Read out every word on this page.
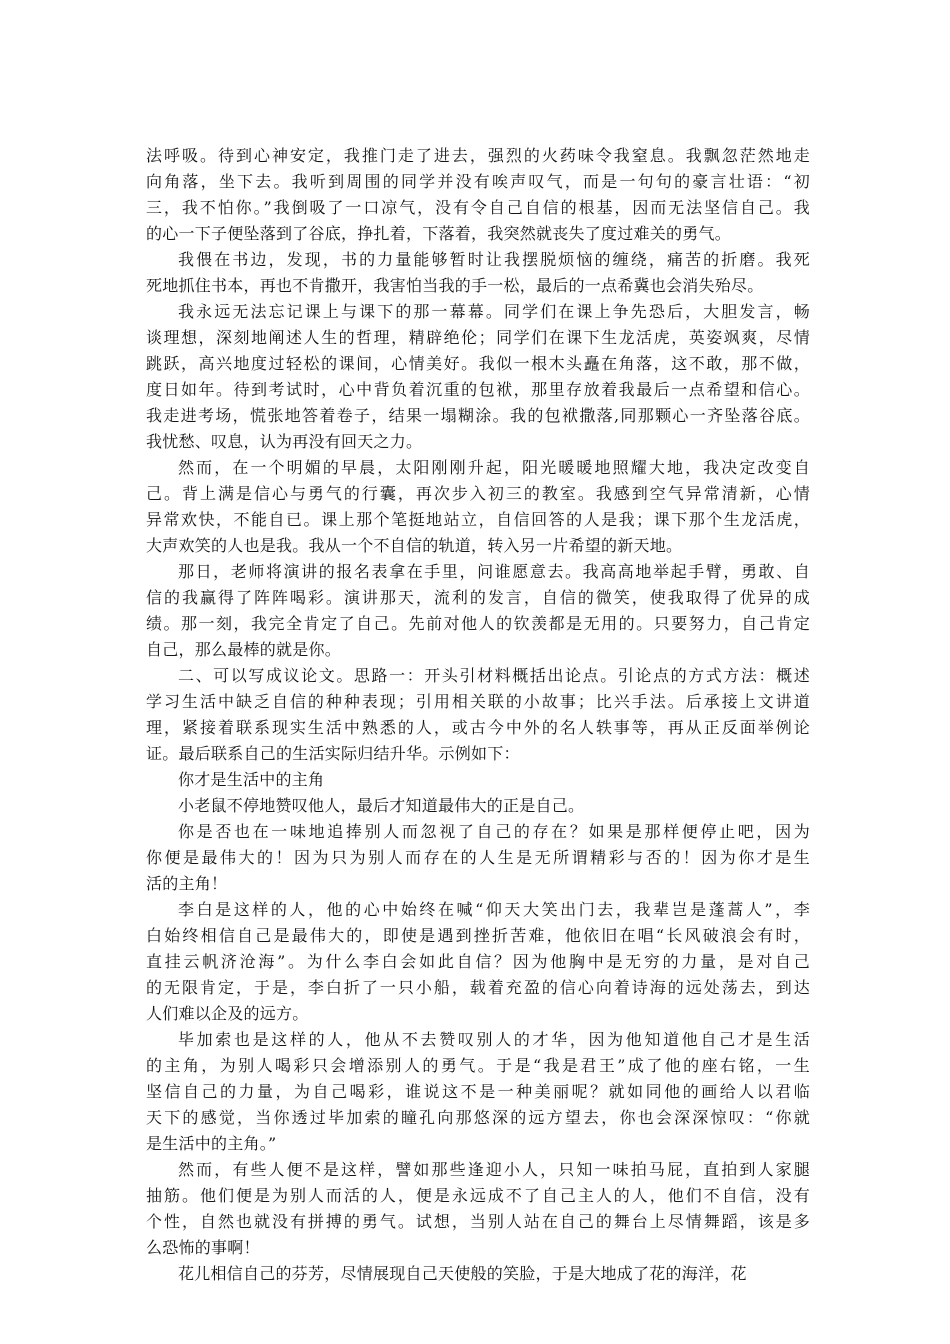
法呼吸。待到心神安定，我推门走了进去，强烈的火药味令我窒息。我飘忽茫然地走
向角落，坐下去。我听到周围的同学并没有唉声叹气，而是一句句的豪言壮语：“初
三，我不怕你。”我倒吸了一口凉气，没有令自己自信的根基，因而无法坚信自己。我
的心一下子便坠落到了谷底，挣扎着，下落着，我突然就丧失了度过难关的勇气。
我偎在书边，发现，书的力量能够暂时让我摆脱烦恼的缠绕，痛苦的折磨。我死
死地抓住书本，再也不肯撒开，我害怕当我的手一松，最后的一点希冀也会消失殆尽。
我永远无法忘记课上与课下的那一幕幕。同学们在课上争先恐后，大胆发言，畅
谈理想，深刻地阐述人生的哲理，精辟绝伦；同学们在课下生龙活虎，英姿飒爽，尽情
跳跃，高兴地度过轻松的课间，心情美好。我似一根木头矗在角落，这不敢，那不做，
度日如年。待到考试时，心中背负着沉重的包袱，那里存放着我最后一点希望和信心。
我走进考场，慌张地答着卷子，结果一塌糊涂。我的包袱撒落,同那颗心一齐坠落谷底。
我忧愁、叹息，认为再没有回天之力。
然而，在一个明媚的早晨，太阳刚刚升起，阳光暖暖地照耀大地，我决定改变自
己。背上满是信心与勇气的行囊，再次步入初三的教室。我感到空气异常清新，心情
异常欢快，不能自已。课上那个笔挺地站立，自信回答的人是我；课下那个生龙活虎，
大声欢笑的人也是我。我从一个不自信的轨道，转入另一片希望的新天地。
那日，老师将演讲的报名表拿在手里，问谁愿意去。我高高地举起手臂，勇敢、自
信的我赢得了阵阵喝彩。演讲那天，流利的发言，自信的微笑，使我取得了优异的成
绩。那一刻，我完全肯定了自己。先前对他人的钦羡都是无用的。只要努力，自己肯定
自己，那么最棒的就是你。
二、可以写成议论文。思路一：开头引材料概括出论点。引论点的方式方法：概述
学习生活中缺乏自信的种种表现；引用相关联的小故事；比兴手法。后承接上文讲道
理，紧接着联系现实生活中熟悉的人，或古今中外的名人轶事等，再从正反面举例论
证。最后联系自己的生活实际归结升华。示例如下：
你才是生活中的主角
小老鼠不停地赞叹他人，最后才知道最伟大的正是自己。
你是否也在一味地追捧别人而忽视了自己的存在？如果是那样便停止吧，因为
你便是最伟大的！因为只为别人而存在的人生是无所谓精彩与否的！因为你才是生
活的主角！
李白是这样的人，他的心中始终在喊“仰天大笑出门去，我辈岂是蓬蒿人”，李
白始终相信自己是最伟大的，即使是遇到挫折苦难，他依旧在唱“长风破浪会有时，
直挂云帆济沧海”。为什么李白会如此自信？因为他胸中是无穷的力量，是对自己
的无限肯定，于是，李白折了一只小船，载着充盈的信心向着诗海的远处荡去，到达
人们难以企及的远方。
毕加索也是这样的人，他从不去赞叹别人的才华，因为他知道他自己才是生活
的主角，为别人喝彩只会增添别人的勇气。于是“我是君王”成了他的座右铭，一生
坚信自己的力量，为自己喝彩，谁说这不是一种美丽呢？就如同他的画给人以君临
天下的感觉，当你透过毕加索的瞳孔向那悠深的远方望去，你也会深深惊叹：“你就
是生活中的主角。”
然而，有些人便不是这样，譬如那些逢迎小人，只知一味拍马屁，直拍到人家腿
抽筋。他们便是为别人而活的人，便是永远成不了自己主人的人，他们不自信，没有
个性，自然也就没有拼搏的勇气。试想，当别人站在自己的舞台上尽情舞蹈，该是多
么恐怖的事啊！
花儿相信自己的芬芳，尽情展现自己天使般的笑脸，于是大地成了花的海洋，花
